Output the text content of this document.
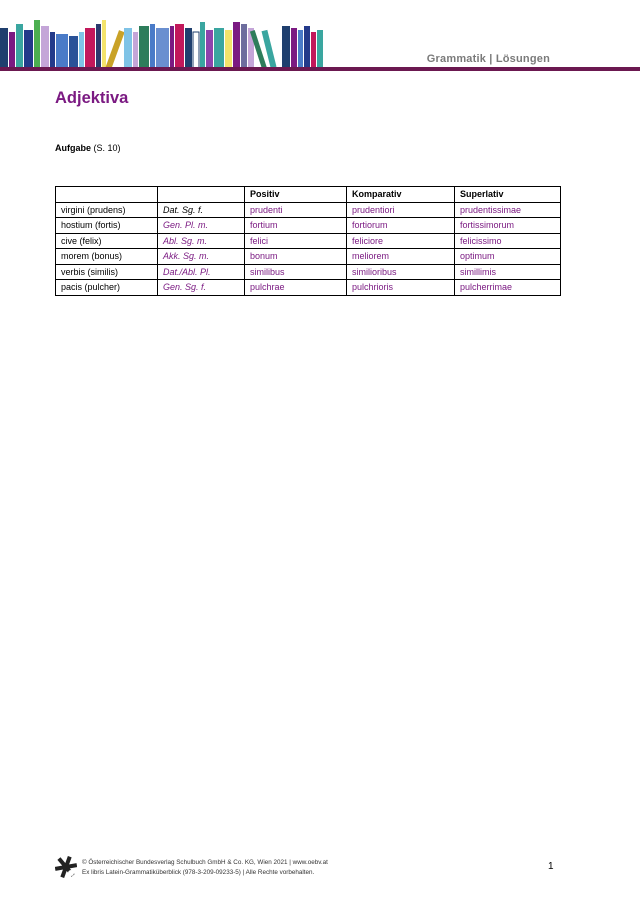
Grammatik | Lösungen
Adjektiva
Aufgabe (S. 10)
		Positiv	Komparativ	Superlativ
virgini (prudens)	Dat. Sg. f.	prudenti	prudentiori	prudentissimae
hostium (fortis)	Gen. Pl. m.	fortium	fortiorum	fortissimorum
cive (felix)	Abl. Sg. m.	felici	feliciore	felicissimo
morem (bonus)	Akk. Sg. m.	bonum	meliorem	optimum
verbis (similis)	Dat./Abl. Pl.	similibus	similioribus	simillimis
pacis (pulcher)	Gen. Sg. f.	pulchrae	pulchrioris	pulcherrimae
© Österreichischer Bundesverlag Schulbuch GmbH & Co. KG, Wien 2021 | www.oebv.at
Ex libris Latein-Grammatiküberblick (978-3-209-09233-5) | Alle Rechte vorbehalten.
1
